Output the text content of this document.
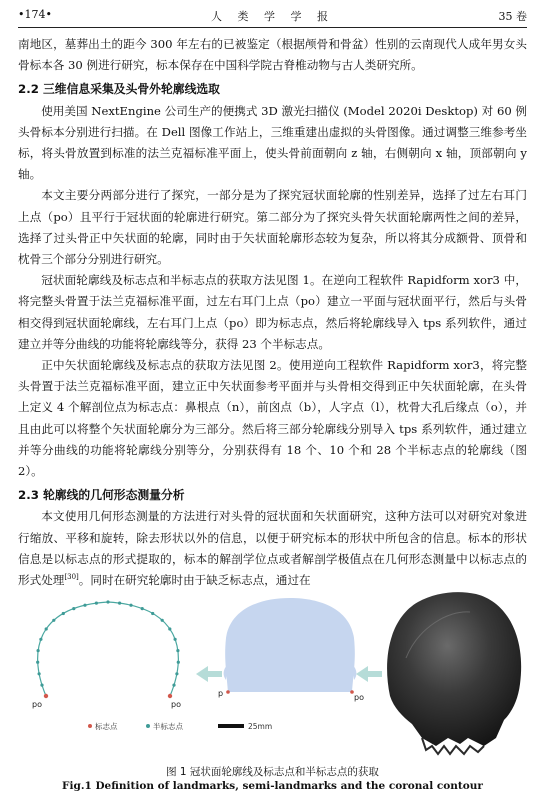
•174•	人 类 学 学 报	35 卷

南地区，墓葬出土的距今 300 年左右的已被鉴定（根据颅骨和骨盆）性别的云南现代人成年男女头骨标本各 30 例进行研究，标本保存在中国科学院古脊椎动物与古人类研究所。

2.2 三维信息采集及头骨外轮廓线选取

使用美国 NextEngine 公司生产的便携式 3D 激光扫描仪 (Model 2020i Desktop) 对 60 例头骨标本分别进行扫描。在 Dell 图像工作站上，三维重建出虚拟的头骨图像。通过调整三维参考坐标，将头骨放置到标准的法兰克福标准平面上，使头骨前面朝向 z 轴，右侧朝向 x 轴，顶部朝向 y 轴。

本文主要分两部分进行了探究，一部分是为了探究冠状面轮廓的性别差异，选择了过左右耳门上点（po）且平行于冠状面的轮廓进行研究。第二部分为了探究头骨矢状面轮廓两性之间的差异，选择了过头骨正中矢状面的轮廓，同时由于矢状面轮廓形态较为复杂，所以将其分成额骨、顶骨和枕骨三个部分分别进行研究。

冠状面轮廓线及标志点和半标志点的获取方法见图 1。在逆向工程软件 Rapidform xor3 中，将完整头骨置于法兰克福标准平面，过左右耳门上点（po）建立一平面与冠状面平行，然后与头骨相交得到冠状面轮廓线，左右耳门上点（po）即为标志点，然后将轮廓线导入 tps 系列软件，通过建立并等分曲线的功能将轮廓线等分，获得 23 个半标志点。

正中矢状面轮廓线及标志点的获取方法见图 2。使用逆向工程软件 Rapidform xor3，将完整头骨置于法兰克福标准平面，建立正中矢状面参考平面并与头骨相交得到正中矢状面轮廓，在头骨上定义 4 个解剖位点为标志点：鼻根点（n），前囟点（b），人字点（l），枕骨大孔后缘点（o），并且由此可以将整个矢状面轮廓分为三部分。然后将三部分轮廓线分别导入 tps 系列软件，通过建立并等分曲线的功能将轮廓线分别等分，分别获得有 18 个、10 个和 28 个半标志点的轮廓线（图 2）。

2.3 轮廓线的几何形态测量分析

本文使用几何形态测量的方法进行对头骨的冠状面和矢状面研究，这种方法可以对研究对象进行缩放、平移和旋转，除去形状以外的信息，以便于研究标本的形状中所包含的信息。标本的形状信息是以标志点的形式提取的，标本的解剖学位点或者解剖学极值点在几何形态测量中以标志点的形式处理[30]。同时在研究轮廓时由于缺乏标志点，通过在

po	po
标志点	半标志点	25mm
p	po
图 1 冠状面轮廓线及标志点和半标志点的获取
Fig.1 Definition of landmarks, semi-landmarks and the coronal contour
